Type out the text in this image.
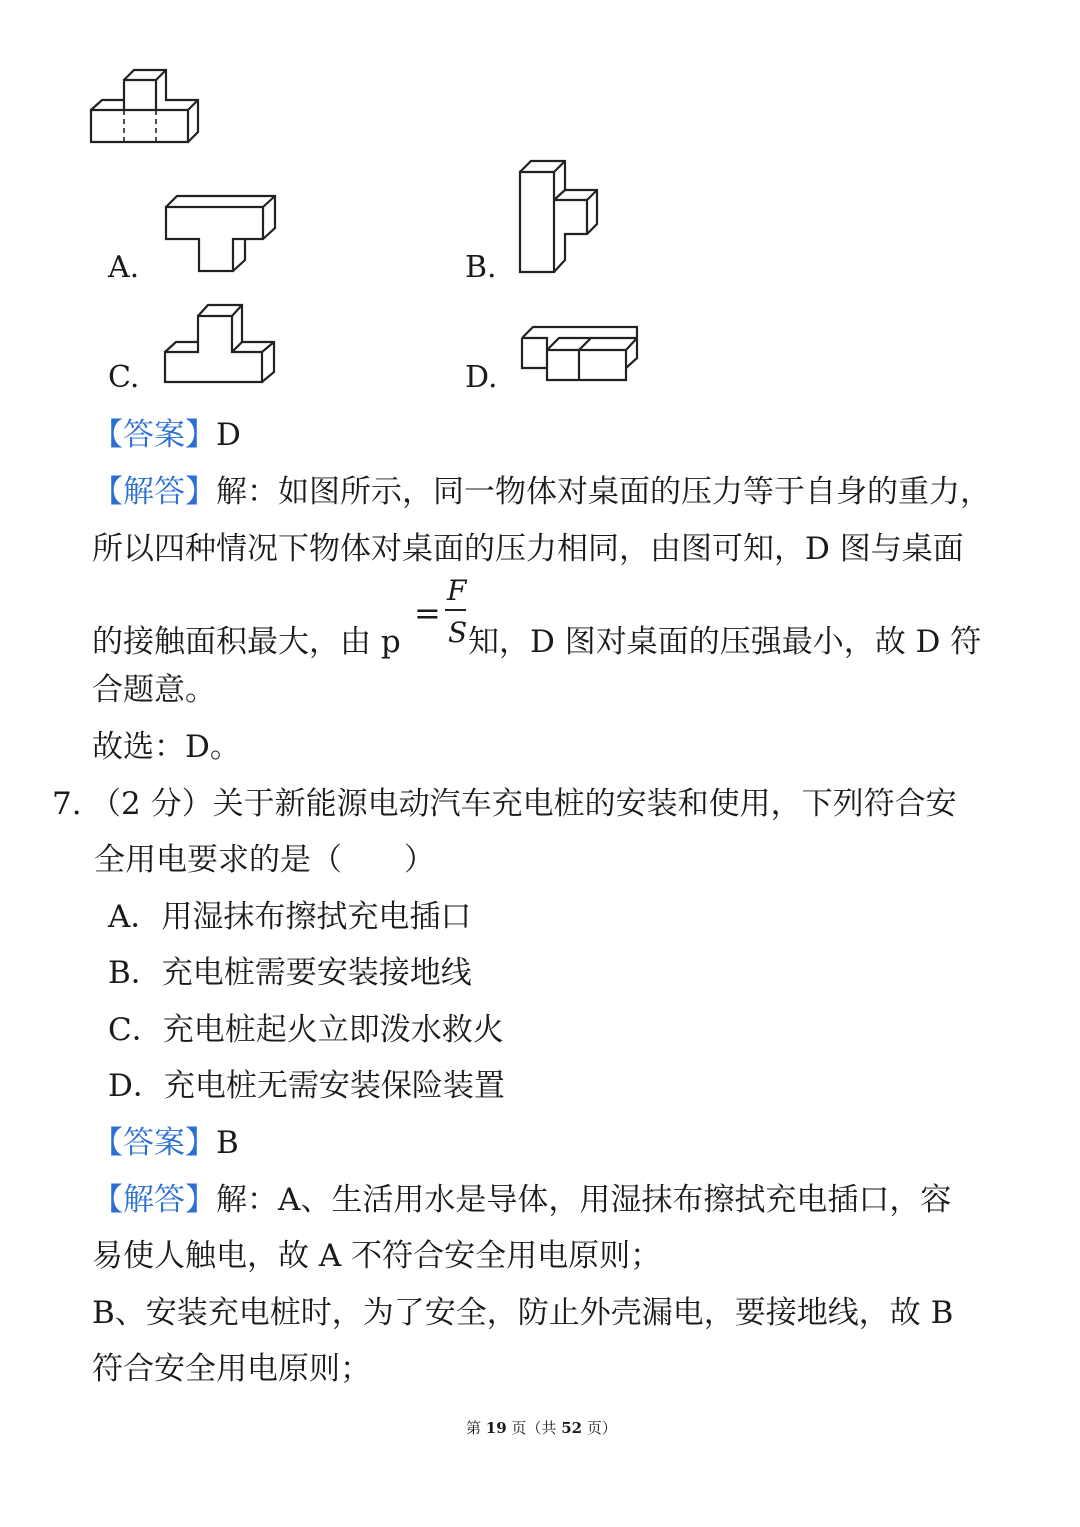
A.	B.
C.	D.
【答案】D
【解答】解：如图所示，同一物体对桌面的压力等于自身的重力，
所以四种情况下物体对桌面的压力相同，由图可知，D 图与桌面
的接触面积最大，由 p
=
F
S 知，D 图对桌面的压强最小，故 D 符
合题意。
故选：D。
7. （2 分）关于新能源电动汽车充电桩的安装和使用，下列符合安
全用电要求的是（　　）
A．用湿抹布擦拭充电插口
B．充电桩需要安装接地线
C．充电桩起火立即泼水救火
D．充电桩无需安装保险装置
【答案】B
【解答】解：A、生活用水是导体，用湿抹布擦拭充电插口，容
易使人触电，故 A 不符合安全用电原则；
B、安装充电桩时，为了安全，防止外壳漏电，要接地线，故 B
符合安全用电原则；
第 19 页（共 52 页）
